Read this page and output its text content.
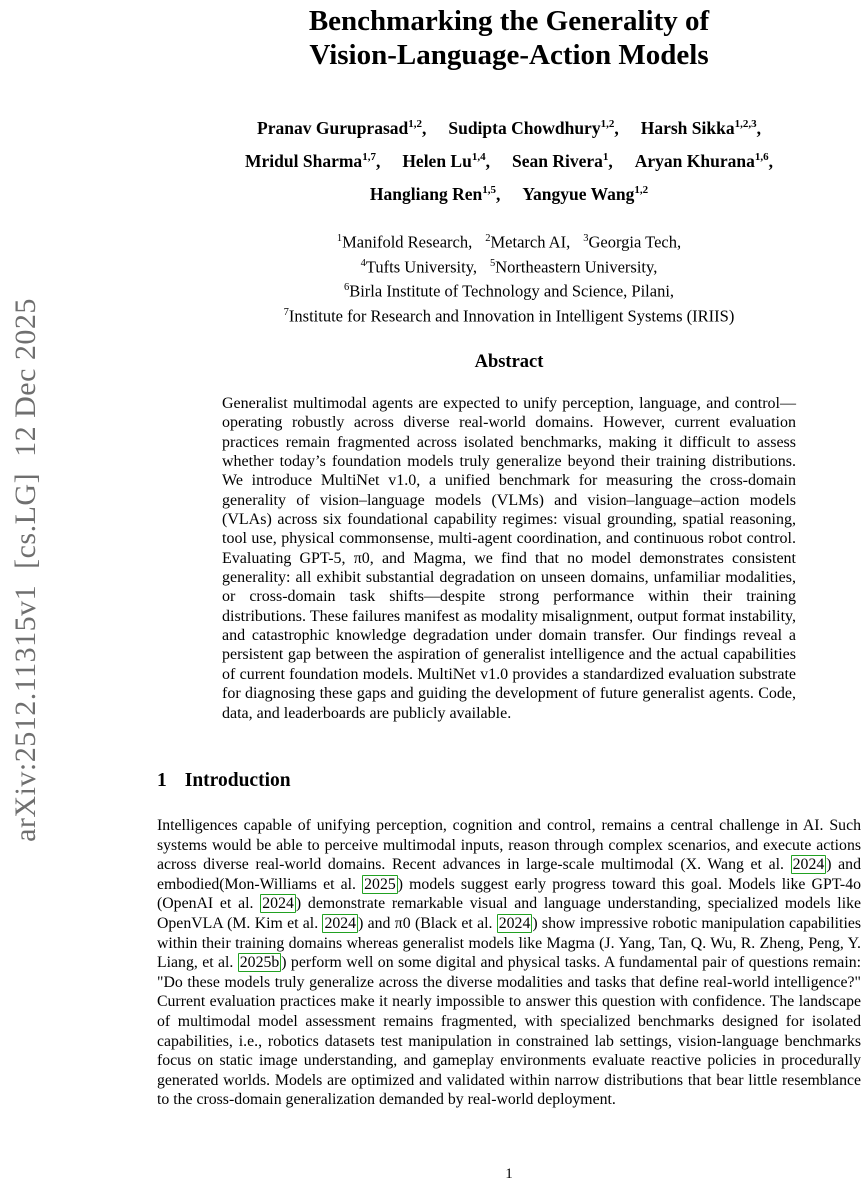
arXiv:2512.11315v1  [cs.LG]  12 Dec 2025
Benchmarking the Generality of
Vision-Language-Action Models
Pranav Guruprasad$^{1,2}$, Sudipta Chowdhury$^{1,2}$, Harsh Sikka$^{1,2,3}$,
Mridul Sharma$^{1,7}$, Helen Lu$^{1,4}$, Sean Rivera$^1$, Aryan Khurana$^{1,6}$,
Hangliang Ren$^{1,5}$, Yangyue Wang$^{1,2}$
$^1$Manifold Research, $^2$Metarch AI, $^3$Georgia Tech,
$^4$Tufts University, $^5$Northeastern University,
$^6$Birla Institute of Technology and Science, Pilani,
$^7$Institute for Research and Innovation in Intelligent Systems (IRIIS)
Abstract

Generalist multimodal agents are expected to unify perception, language, and control—operating robustly across diverse real-world domains. However, current evaluation practices remain fragmented across isolated benchmarks, making it difficult to assess whether today’s foundation models truly generalize beyond their training distributions. We introduce MultiNet v1.0, a unified benchmark for measuring the cross-domain generality of vision–language models (VLMs) and vision–language–action models (VLAs) across six foundational capability regimes: visual grounding, spatial reasoning, tool use, physical commonsense, multi-agent coordination, and continuous robot control. Evaluating GPT-5, π0, and Magma, we find that no model demonstrates consistent generality: all exhibit substantial degradation on unseen domains, unfamiliar modalities, or cross-domain task shifts—despite strong performance within their training distributions. These failures manifest as modality misalignment, output format instability, and catastrophic knowledge degradation under domain transfer. Our findings reveal a persistent gap between the aspiration of generalist intelligence and the actual capabilities of current foundation models. MultiNet v1.0 provides a standardized evaluation substrate for diagnosing these gaps and guiding the development of future generalist agents. Code, data, and leaderboards are publicly available.

1 Introduction

Intelligences capable of unifying perception, cognition and control, remains a central challenge in AI. Such systems would be able to perceive multimodal inputs, reason through complex scenarios, and execute actions across diverse real-world domains. Recent advances in large-scale multimodal (X. Wang et al. 2024 ) and embodied(Mon-Williams et al. 2025 ) models suggest early progress toward this goal. Models like GPT-4o (OpenAI et al. 2024 ) demonstrate remarkable visual and language understanding, specialized models like OpenVLA (M. Kim et al. 2024 ) and π0 (Black et al. 2024 ) show impressive robotic manipulation capabilities within their training domains whereas generalist models like Magma (J. Yang, Tan, Q. Wu, R. Zheng, Peng, Y. Liang, et al. 2025b ) perform well on some digital and physical tasks. A fundamental pair of questions remain: "Do these models truly generalize across the diverse modalities and tasks that define real-world intelligence?" Current evaluation practices make it nearly impossible to answer this question with confidence. The landscape of multimodal model assessment remains fragmented, with specialized benchmarks designed for isolated capabilities, i.e., robotics datasets test manipulation in constrained lab settings, vision-language benchmarks focus on static image understanding, and gameplay environments evaluate reactive policies in procedurally generated worlds. Models are optimized and validated within narrow distributions that bear little resemblance to the cross-domain generalization demanded by real-world deployment.

1
